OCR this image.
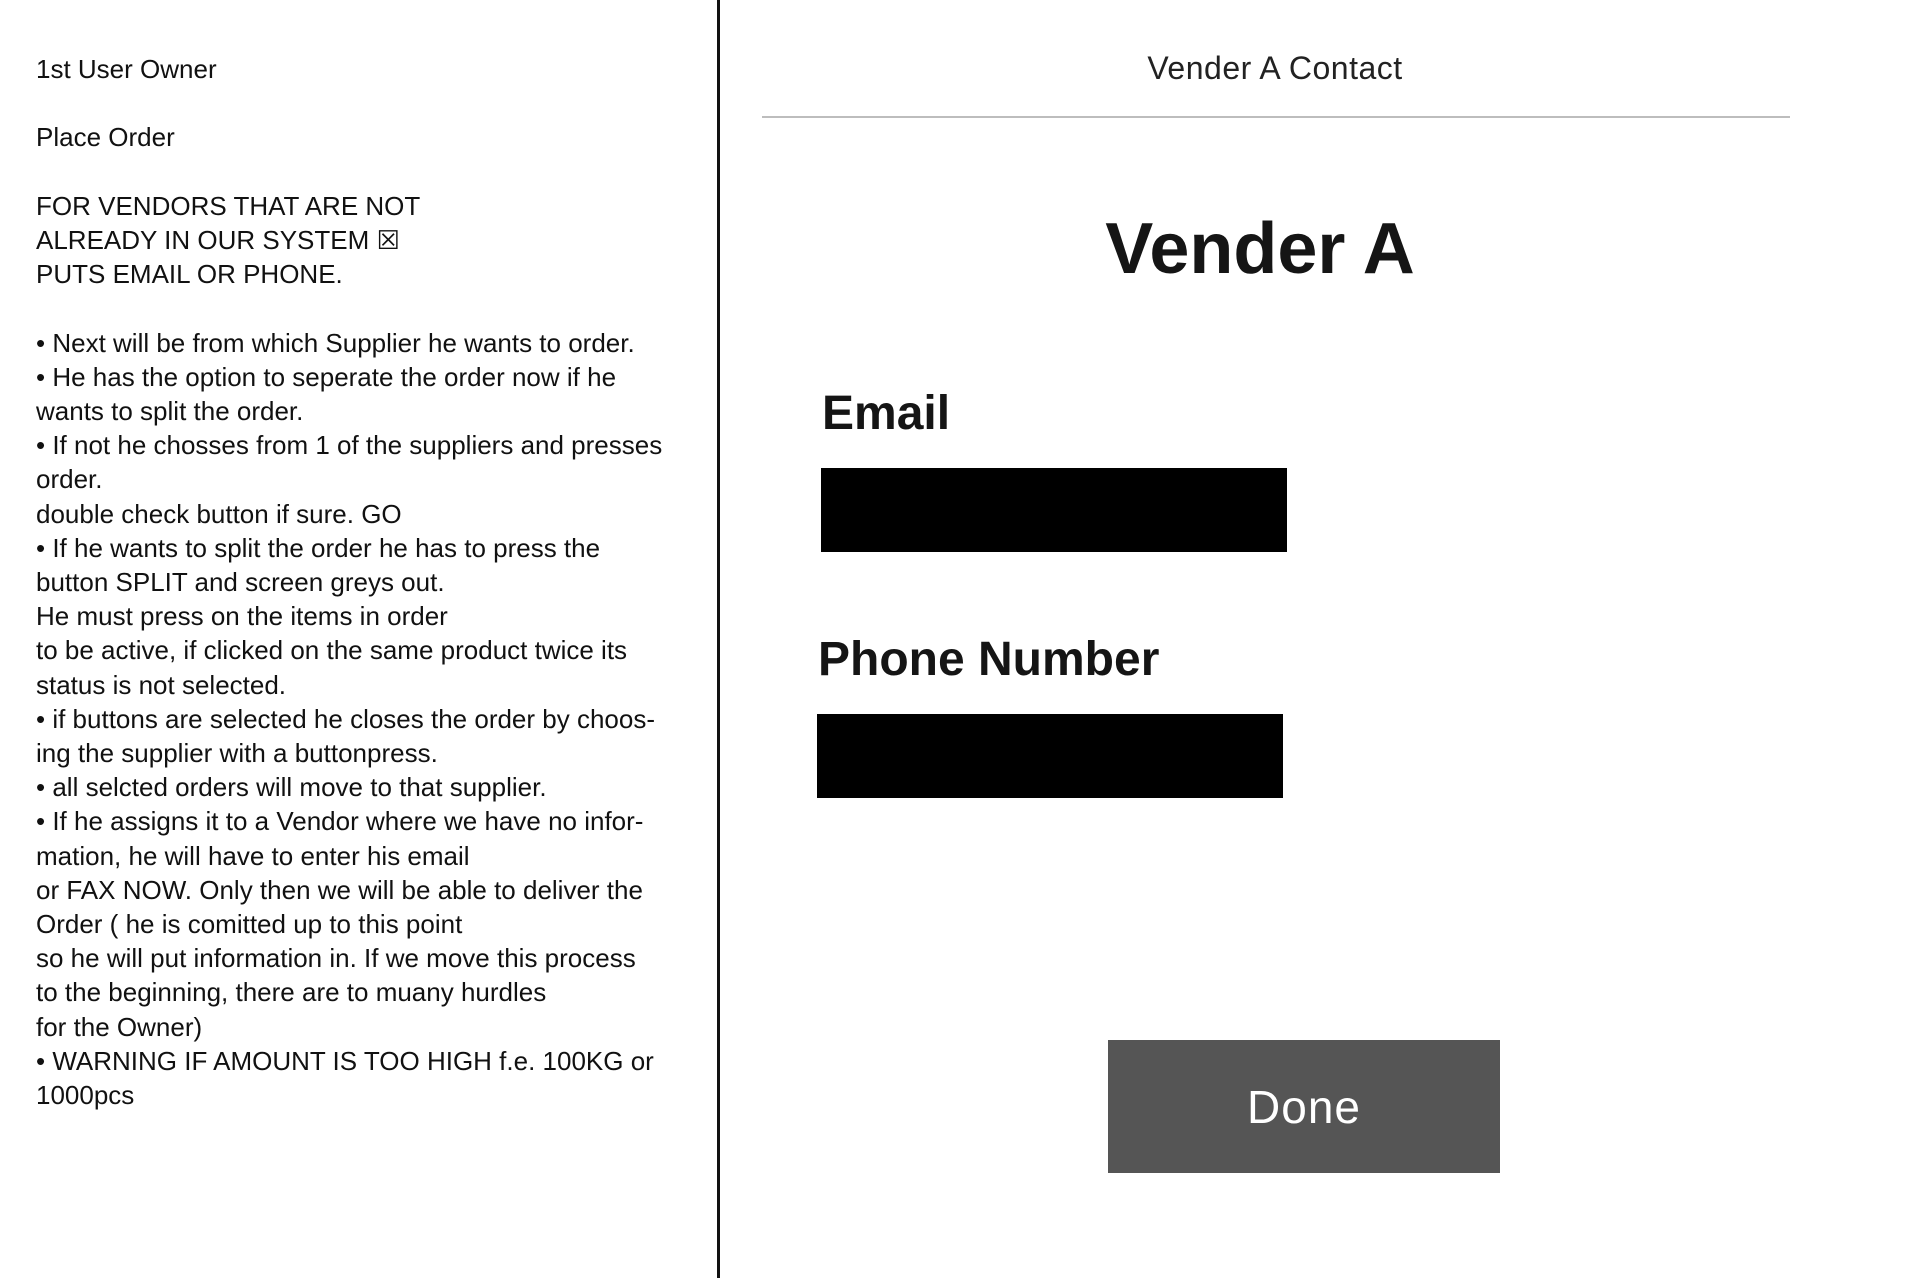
1st User Owner
Place Order
FOR VENDORS THAT ARE NOT
ALREADY IN OUR SYSTEM ☒
PUTS EMAIL OR PHONE.
• Next will be from which Supplier he wants to order.
• He has the option to seperate the order now if he
wants to split the order.
• If not he chosses from 1 of the suppliers and presses
order.
double check button if sure. GO
• If he wants to split the order he has to press the
button SPLIT and screen greys out.
He must press on the items in order
to be active, if clicked on the same product twice its
status is not selected.
• if buttons are selected he closes the order by choos-
ing the supplier with a buttonpress.
• all selcted orders will move to that supplier.
• If he assigns it to a Vendor where we have no infor-
mation, he will have to enter his email
or FAX NOW. Only then we will be able to deliver the
Order ( he is comitted up to this point
so he will put information in. If we move this process
to the beginning, there are to muany hurdles
for the Owner)
• WARNING IF AMOUNT IS TOO HIGH f.e. 100KG or
1000pcs
Vender A Contact
Vender A
Email
Phone Number
Done
